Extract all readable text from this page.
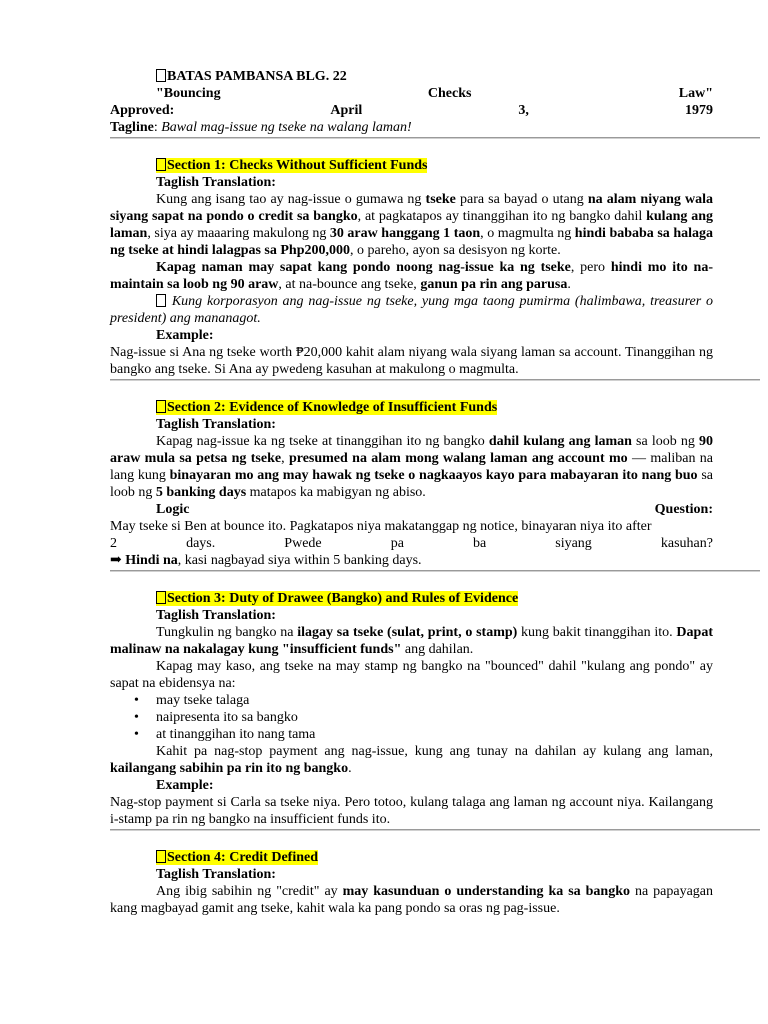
BATAS PAMBANSA BLG. 22

"Bouncing	Checks	Law"

Approved:	April	3,	1979

Tagline: Bawal mag-issue ng tseke na walang laman!

Section 1: Checks Without Sufficient Funds

Taglish Translation:

Kung ang isang tao ay nag-issue o gumawa ng tseke para sa bayad o utang na alam niyang wala siyang sapat na pondo o credit sa bangko, at pagkatapos ay tinanggihan ito ng bangko dahil kulang ang laman, siya ay maaaring makulong ng 30 araw hanggang 1 taon, o magmulta ng hindi bababa sa halaga ng tseke at hindi lalagpas sa Php200,000, o pareho, ayon sa desisyon ng korte.

Kapag naman may sapat kang pondo noong nag-issue ka ng tseke, pero hindi mo ito na-maintain sa loob ng 90 araw, at na-bounce ang tseke, ganun pa rin ang parusa.

Kung korporasyon ang nag-issue ng tseke, yung mga taong pumirma (halimbawa, treasurer o president) ang mananagot.

Example:

Nag-issue si Ana ng tseke worth ₱20,000 kahit alam niyang wala siyang laman sa account. Tinanggihan ng bangko ang tseke. Si Ana ay pwedeng kasuhan at makulong o magmulta.

Section 2: Evidence of Knowledge of Insufficient Funds

Taglish Translation:

Kapag nag-issue ka ng tseke at tinanggihan ito ng bangko dahil kulang ang laman sa loob ng 90 araw mula sa petsa ng tseke, presumed na alam mong walang laman ang account mo — maliban na lang kung binayaran mo ang may hawak ng tseke o nagkaayos kayo para mabayaran ito nang buo sa loob ng 5 banking days matapos ka mabigyan ng abiso.

Logic	Question:

May tseke si Ben at bounce ito. Pagkatapos niya makatanggap ng notice, binayaran niya ito after

2	days.	Pwede	pa	ba	siyang	kasuhan?

➡ Hindi na, kasi nagbayad siya within 5 banking days.

Section 3: Duty of Drawee (Bangko) and Rules of Evidence

Taglish Translation:

Tungkulin ng bangko na ilagay sa tseke (sulat, print, o stamp) kung bakit tinanggihan ito. Dapat malinaw na nakalagay kung "insufficient funds" ang dahilan.

Kapag may kaso, ang tseke na may stamp ng bangko na "bounced" dahil "kulang ang pondo" ay sapat na ebidensya na:

• may tseke talaga
• naipresenta ito sa bangko
• at tinanggihan ito nang tama

Kahit pa nag-stop payment ang nag-issue, kung ang tunay na dahilan ay kulang ang laman, kailangang sabihin pa rin ito ng bangko.

Example:

Nag-stop payment si Carla sa tseke niya. Pero totoo, kulang talaga ang laman ng account niya. Kailangang i-stamp pa rin ng bangko na insufficient funds ito.

Section 4: Credit Defined

Taglish Translation:

Ang ibig sabihin ng "credit" ay may kasunduan o understanding ka sa bangko na papayagan kang magbayad gamit ang tseke, kahit wala ka pang pondo sa oras ng pag-issue.
